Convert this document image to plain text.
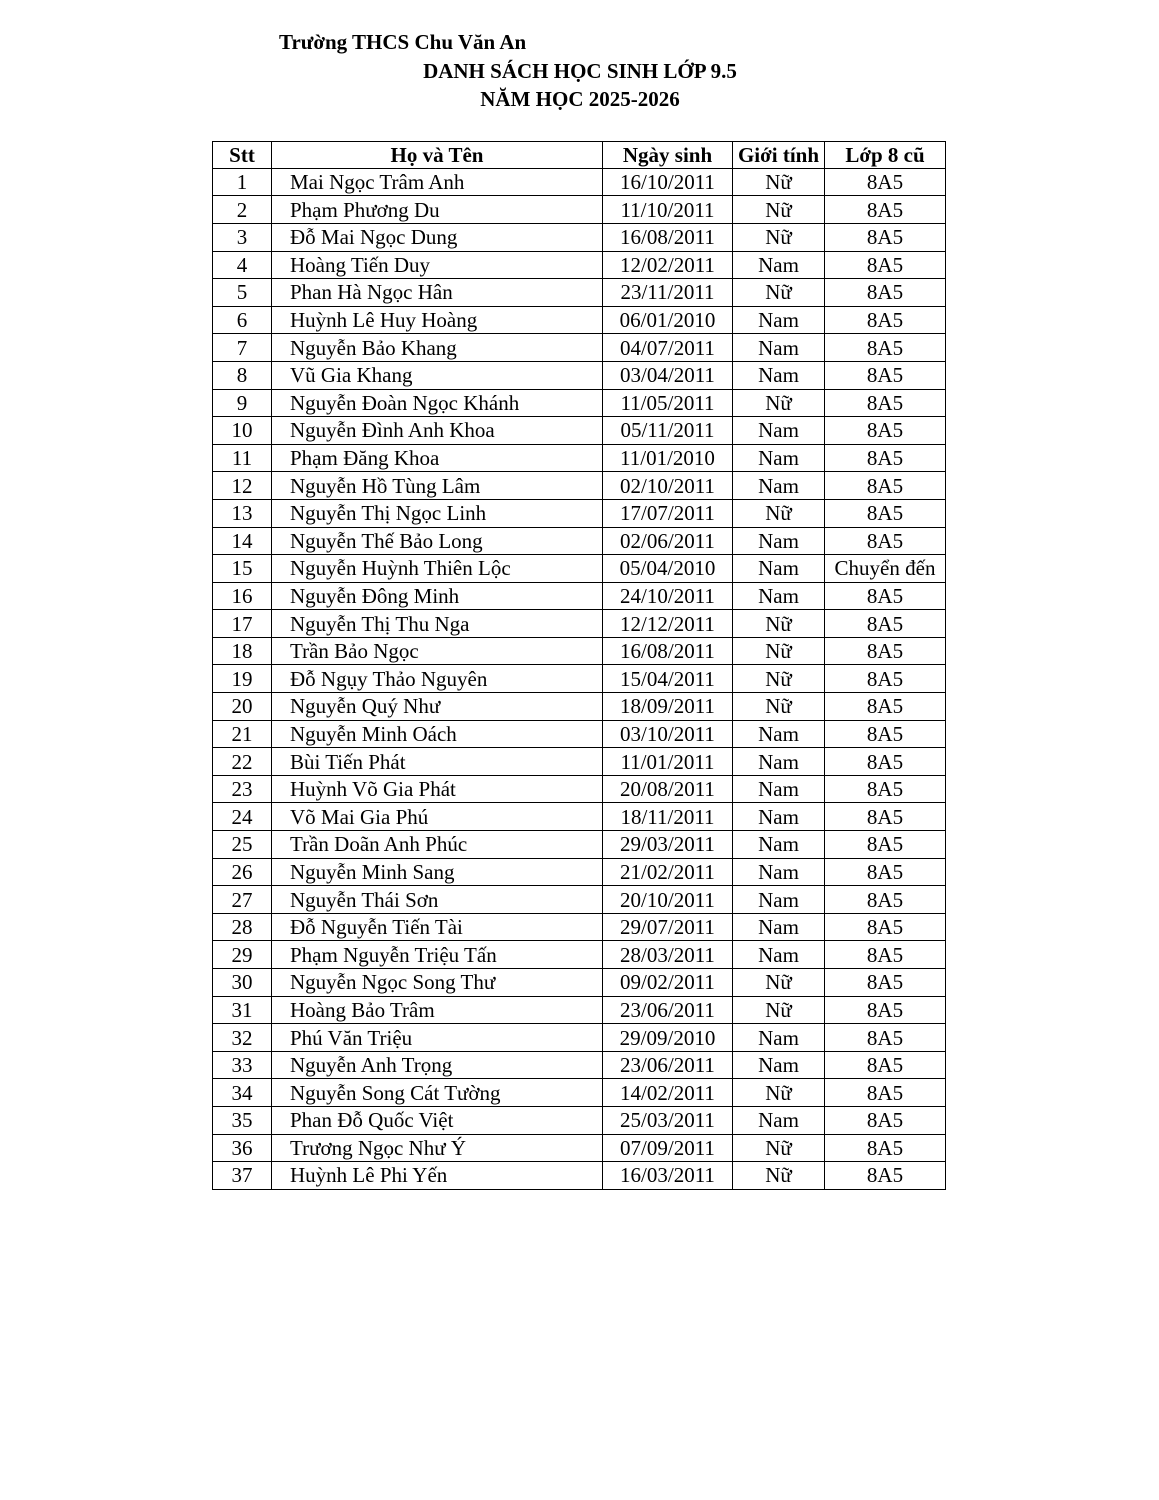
Trường THCS Chu Văn An
DANH SÁCH HỌC SINH LỚP 9.5
NĂM HỌC 2025-2026
Stt	Họ và Tên	Ngày sinh	Giới tính	Lớp 8 cũ
1	Mai Ngọc Trâm Anh	16/10/2011	Nữ	8A5
2	Phạm Phương Du	11/10/2011	Nữ	8A5
3	Đỗ Mai Ngọc Dung	16/08/2011	Nữ	8A5
4	Hoàng Tiến Duy	12/02/2011	Nam	8A5
5	Phan Hà Ngọc Hân	23/11/2011	Nữ	8A5
6	Huỳnh Lê Huy Hoàng	06/01/2010	Nam	8A5
7	Nguyễn Bảo Khang	04/07/2011	Nam	8A5
8	Vũ Gia Khang	03/04/2011	Nam	8A5
9	Nguyễn Đoàn Ngọc Khánh	11/05/2011	Nữ	8A5
10	Nguyễn Đình Anh Khoa	05/11/2011	Nam	8A5
11	Phạm Đăng Khoa	11/01/2010	Nam	8A5
12	Nguyễn Hồ Tùng Lâm	02/10/2011	Nam	8A5
13	Nguyễn Thị Ngọc Linh	17/07/2011	Nữ	8A5
14	Nguyễn Thế Bảo Long	02/06/2011	Nam	8A5
15	Nguyễn Huỳnh Thiên Lộc	05/04/2010	Nam	Chuyển đến
16	Nguyễn Đông Minh	24/10/2011	Nam	8A5
17	Nguyễn Thị Thu Nga	12/12/2011	Nữ	8A5
18	Trần Bảo Ngọc	16/08/2011	Nữ	8A5
19	Đỗ Ngụy Thảo Nguyên	15/04/2011	Nữ	8A5
20	Nguyễn Quý Như	18/09/2011	Nữ	8A5
21	Nguyễn Minh Oách	03/10/2011	Nam	8A5
22	Bùi Tiến Phát	11/01/2011	Nam	8A5
23	Huỳnh Võ Gia Phát	20/08/2011	Nam	8A5
24	Võ Mai Gia Phú	18/11/2011	Nam	8A5
25	Trần Doãn Anh Phúc	29/03/2011	Nam	8A5
26	Nguyễn Minh Sang	21/02/2011	Nam	8A5
27	Nguyễn Thái Sơn	20/10/2011	Nam	8A5
28	Đỗ Nguyễn Tiến Tài	29/07/2011	Nam	8A5
29	Phạm Nguyễn Triệu Tấn	28/03/2011	Nam	8A5
30	Nguyễn Ngọc Song Thư	09/02/2011	Nữ	8A5
31	Hoàng Bảo Trâm	23/06/2011	Nữ	8A5
32	Phú Văn Triệu	29/09/2010	Nam	8A5
33	Nguyễn Anh Trọng	23/06/2011	Nam	8A5
34	Nguyễn Song Cát Tường	14/02/2011	Nữ	8A5
35	Phan Đỗ Quốc Việt	25/03/2011	Nam	8A5
36	Trương Ngọc Như Ý	07/09/2011	Nữ	8A5
37	Huỳnh Lê Phi Yến	16/03/2011	Nữ	8A5
